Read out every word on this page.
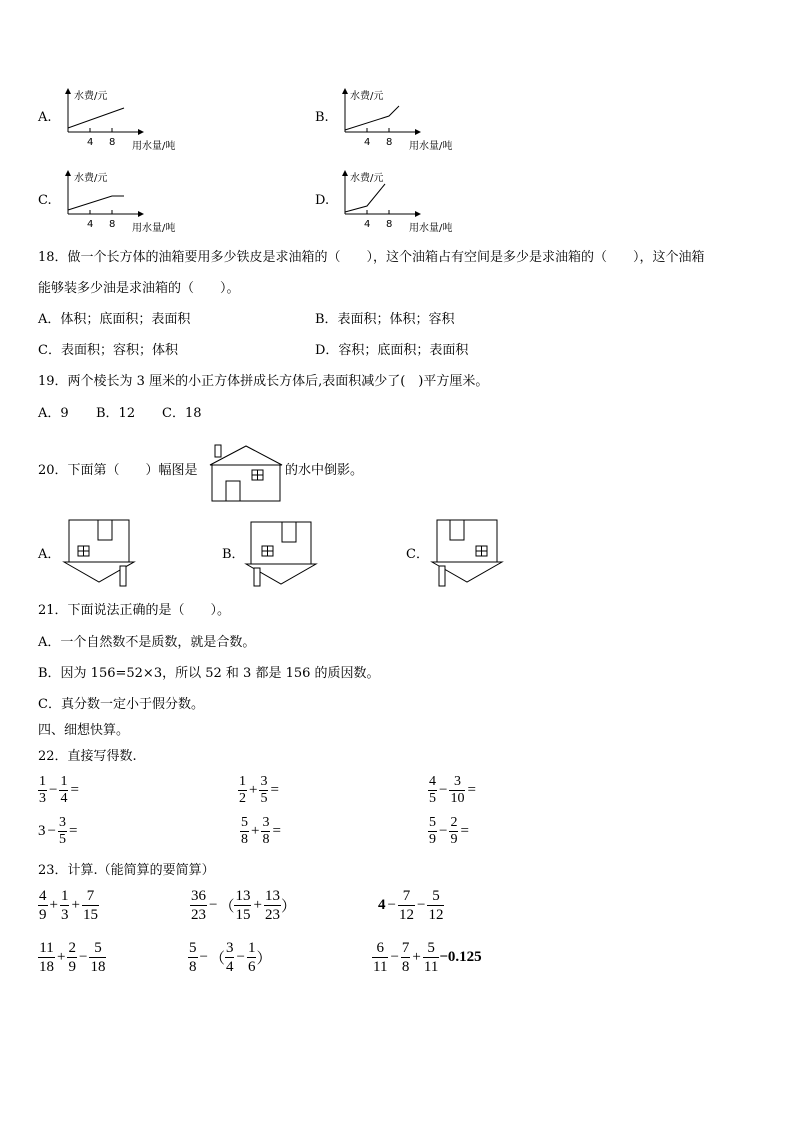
A.
水费/元
4 8 用水量/吨
B.
水费/元
4 8 用水量/吨
C.
水费/元
4 8 用水量/吨
D.
水费/元
4 8 用水量/吨
18．做一个长方体的油箱要用多少铁皮是求油箱的（　　），这个油箱占有空间是多少是求油箱的（　　），这个油箱
能够装多少油是求油箱的（　　）。
A．体积；底面积；表面积	B．表面积；体积；容积
C．表面积；容积；体积	D．容积；底面积；表面积
19．两个棱长为 3 厘米的小正方体拼成长方体后,表面积减少了(　)平方厘米。
A．9 B．12 C．18
20．下面第（　　）幅图是	的水中倒影。
A．	B．	C．
21．下面说法正确的是（　　）。
A．一个自然数不是质数，就是合数。
B．因为 156=52×3，所以 52 和 3 都是 156 的质因数。
C．真分数一定小于假分数。
四、细想快算。
22．直接写得数.
$\frac{1}{3} - \frac{1}{4}$ =	$\frac{1}{2} + \frac{3}{5}$ =	$\frac{4}{5} - \frac{3}{10}$ =
$3 - \frac{3}{5}$ =	$\frac{5}{8} + \frac{3}{8}$ =	$\frac{5}{9} - \frac{2}{9}$ =
23．计算.（能简算的要简算）
$\frac{4}{9} + \frac{1}{3} + \frac{7}{15}$	$\frac{36}{23}$ − （ $\frac{13}{15} + \frac{13}{23}$ ）	$4 - \frac{7}{12} - \frac{5}{12}$
$\frac{11}{18} + \frac{2}{9} - \frac{5}{18}$	$\frac{5}{8}$ − （ $\frac{3}{4} - \frac{1}{6}$ ）	$\frac{6}{11} - \frac{7}{8} + \frac{5}{11} -0.125$
